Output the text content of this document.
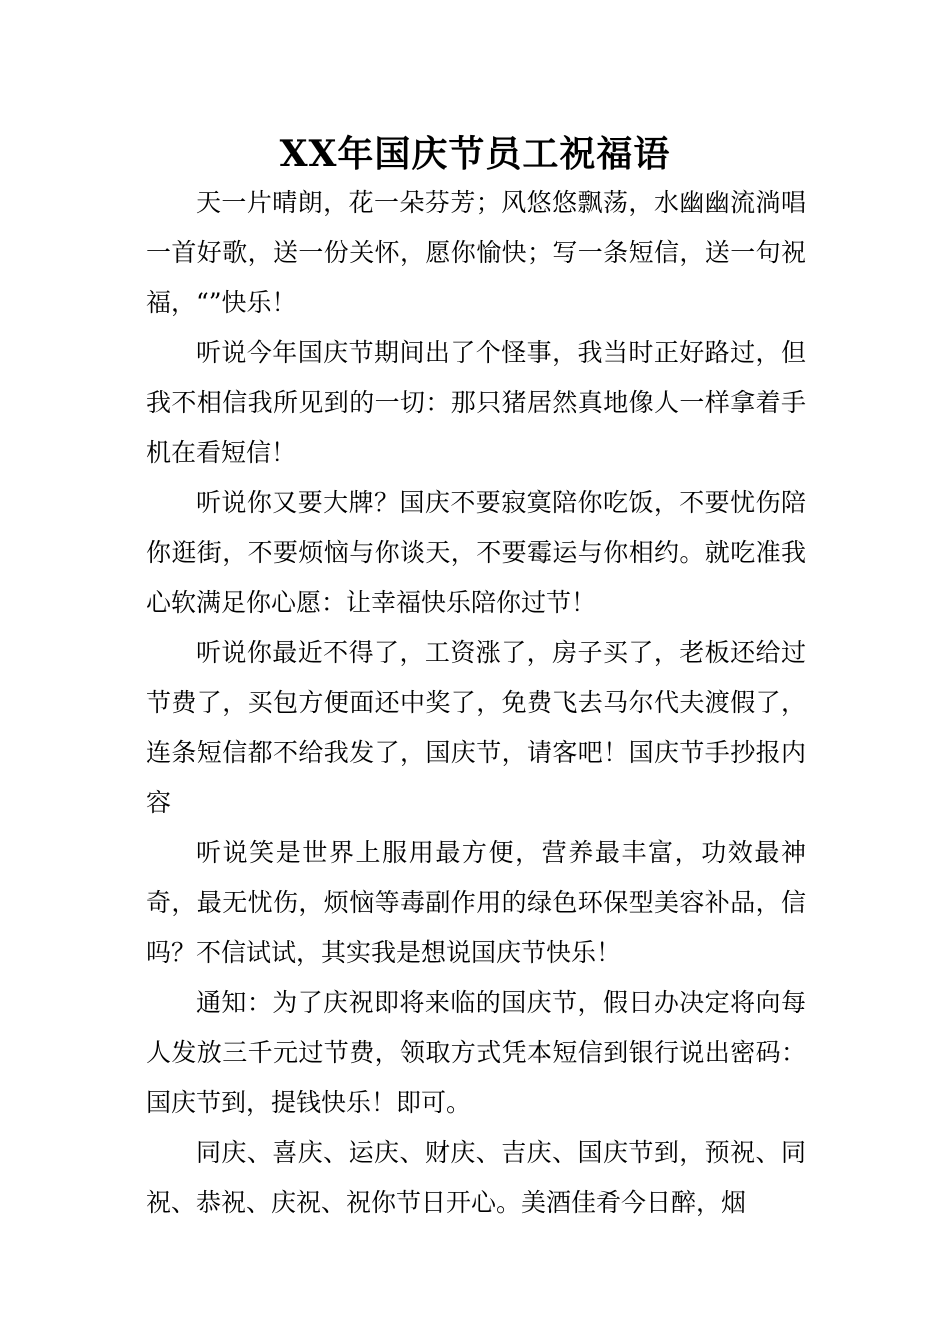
XX年国庆节员工祝福语

天一片晴朗，花一朵芬芳；风悠悠飘荡，水幽幽流淌唱一首好歌，送一份关怀，愿你愉快；写一条短信，送一句祝福，“”快乐！

听说今年国庆节期间出了个怪事，我当时正好路过，但我不相信我所见到的一切：那只猪居然真地像人一样拿着手机在看短信！

听说你又要大牌？国庆不要寂寞陪你吃饭，不要忧伤陪你逛街，不要烦恼与你谈天，不要霉运与你相约。就吃准我心软满足你心愿：让幸福快乐陪你过节！

听说你最近不得了，工资涨了，房子买了，老板还给过节费了，买包方便面还中奖了，免费飞去马尔代夫渡假了，连条短信都不给我发了，国庆节，请客吧！国庆节手抄报内容

听说笑是世界上服用最方便，营养最丰富，功效最神奇，最无忧伤，烦恼等毒副作用的绿色环保型美容补品，信吗？不信试试，其实我是想说国庆节快乐！

通知：为了庆祝即将来临的国庆节，假日办决定将向每人发放三千元过节费，领取方式凭本短信到银行说出密码：国庆节到，提钱快乐！即可。

同庆、喜庆、运庆、财庆、吉庆、国庆节到，预祝、同祝、恭祝、庆祝、祝你节日开心。美酒佳肴今日醉，烟
